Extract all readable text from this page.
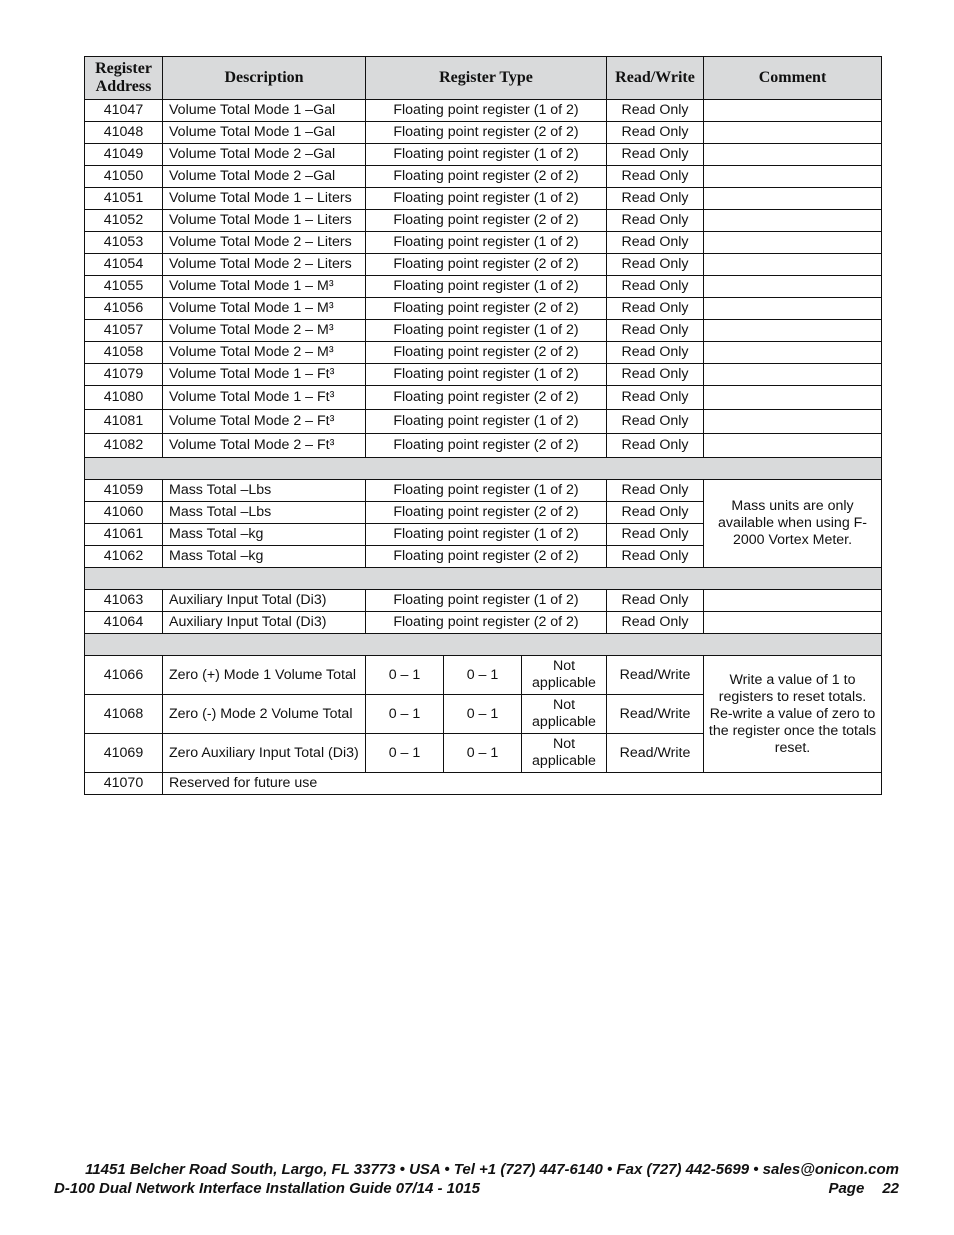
Register Address	Description	Register Type			Read/Write	Comment
41047	Volume Total Mode 1 –Gal	Floating point register (1 of 2)			Read Only	
41048	Volume Total Mode 1 –Gal	Floating point register (2 of 2)			Read Only	
41049	Volume Total Mode 2 –Gal	Floating point register (1 of 2)			Read Only	
41050	Volume Total Mode 2 –Gal	Floating point register (2 of 2)			Read Only	
41051	Volume Total Mode 1 – Liters	Floating point register (1 of 2)			Read Only	
41052	Volume Total Mode 1 – Liters	Floating point register (2 of 2)			Read Only	
41053	Volume Total Mode 2 – Liters	Floating point register (1 of 2)			Read Only	
41054	Volume Total Mode 2 – Liters	Floating point register (2 of 2)			Read Only	
41055	Volume Total Mode 1 – M³	Floating point register (1 of 2)			Read Only	
41056	Volume Total Mode 1 – M³	Floating point register (2 of 2)			Read Only	
41057	Volume Total Mode 2 – M³	Floating point register (1 of 2)			Read Only	
41058	Volume Total Mode 2 – M³	Floating point register (2 of 2)			Read Only	
41079	Volume Total Mode 1 – Ft³	Floating point register (1 of 2)			Read Only	
41080	Volume Total Mode 1 – Ft³	Floating point register (2 of 2)			Read Only	
41081	Volume Total Mode 2 – Ft³	Floating point register (1 of 2)			Read Only	
41082	Volume Total Mode 2 – Ft³	Floating point register (2 of 2)			Read Only	

41059	Mass Total –Lbs	Floating point register (1 of 2)			Read Only	Mass units are only available when using F-2000 Vortex Meter.
41060	Mass Total –Lbs	Floating point register (2 of 2)			Read Only	
41061	Mass Total –kg	Floating point register (1 of 2)			Read Only	
41062	Mass Total –kg	Floating point register (2 of 2)			Read Only	

41063	Auxiliary Input Total (Di3)	Floating point register (1 of 2)			Read Only	
41064	Auxiliary Input Total (Di3)	Floating point register (2 of 2)			Read Only	

41066	Zero (+) Mode 1 Volume Total	0 – 1	0 – 1	Not applicable	Read/Write	Write a value of 1 to registers to reset totals. Re-write a value of zero to the register once the totals reset.
41068	Zero (-) Mode 2 Volume Total	0 – 1	0 – 1	Not applicable	Read/Write	
41069	Zero Auxiliary Input Total (Di3)	0 – 1	0 – 1	Not applicable	Read/Write	
41070	Reserved for future use					
11451 Belcher Road South, Largo, FL 33773 • USA • Tel +1 (727) 447-6140 • Fax (727) 442-5699 • sales@onicon.com
D-100 Dual Network Interface Installation Guide 07/14 - 1015	Page 22
